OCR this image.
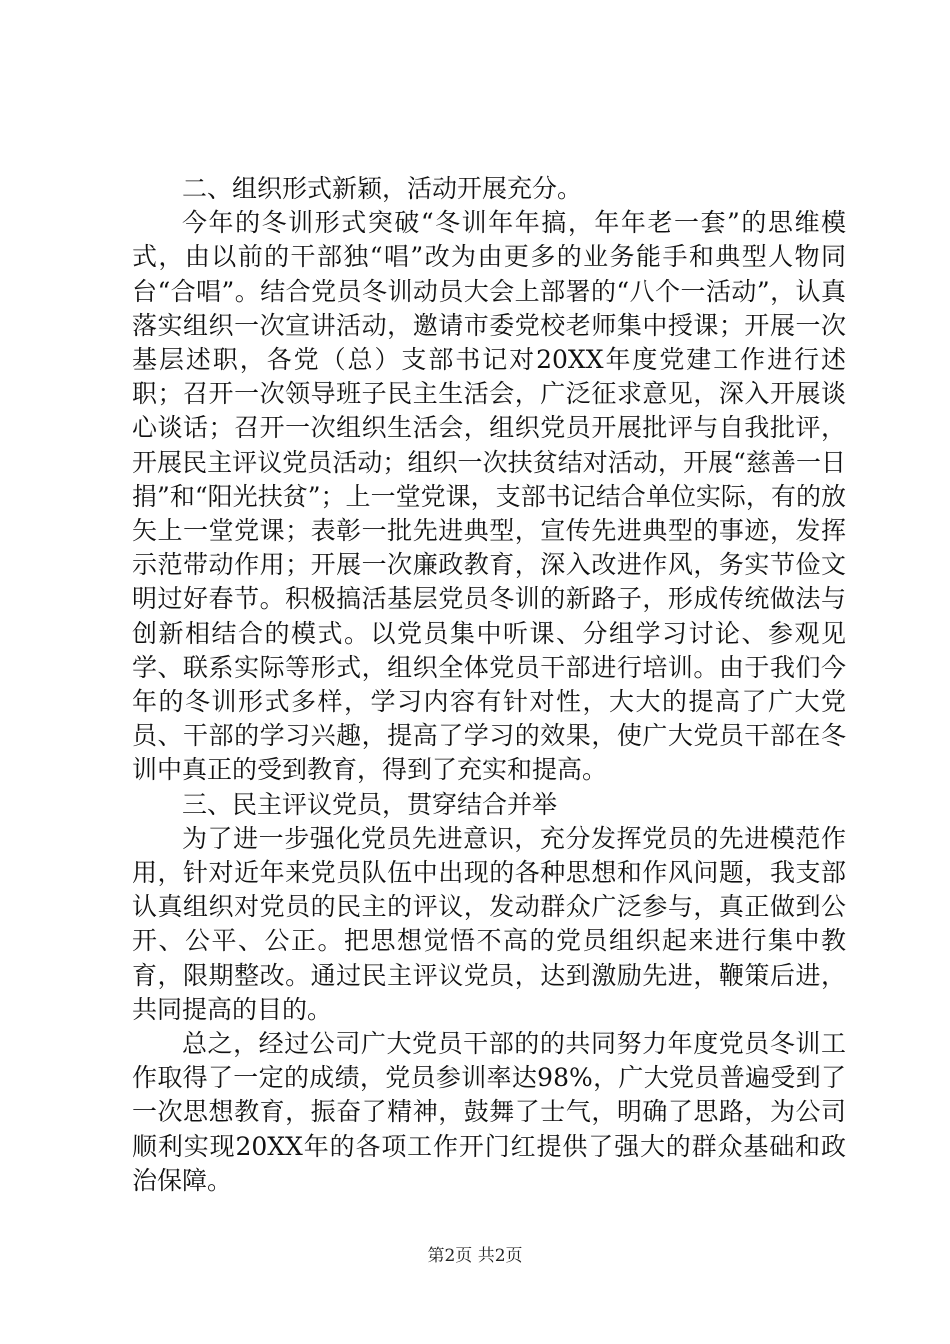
二、组织形式新颖，活动开展充分。

今年的冬训形式突破“冬训年年搞，年年老一套”的思维模式，由以前的干部独“唱”改为由更多的业务能手和典型人物同台“合唱”。结合党员冬训动员大会上部署的“八个一活动”，认真落实组织一次宣讲活动，邀请市委党校老师集中授课；开展一次基层述职，各党（总）支部书记对20XX年度党建工作进行述职；召开一次领导班子民主生活会，广泛征求意见，深入开展谈心谈话；召开一次组织生活会，组织党员开展批评与自我批评，开展民主评议党员活动；组织一次扶贫结对活动，开展“慈善一日捐”和“阳光扶贫”；上一堂党课，支部书记结合单位实际，有的放矢上一堂党课；表彰一批先进典型，宣传先进典型的事迹，发挥示范带动作用；开展一次廉政教育，深入改进作风，务实节俭文明过好春节。积极搞活基层党员冬训的新路子，形成传统做法与创新相结合的模式。以党员集中听课、分组学习讨论、参观见学、联系实际等形式，组织全体党员干部进行培训。由于我们今年的冬训形式多样，学习内容有针对性，大大的提高了广大党员、干部的学习兴趣，提高了学习的效果，使广大党员干部在冬训中真正的受到教育，得到了充实和提高。

三、民主评议党员，贯穿结合并举

为了进一步强化党员先进意识，充分发挥党员的先进模范作用，针对近年来党员队伍中出现的各种思想和作风问题，我支部认真组织对党员的民主的评议，发动群众广泛参与，真正做到公开、公平、公正。把思想觉悟不高的党员组织起来进行集中教育，限期整改。通过民主评议党员，达到激励先进，鞭策后进，共同提高的目的。

总之，经过公司广大党员干部的的共同努力年度党员冬训工作取得了一定的成绩，党员参训率达98%，广大党员普遍受到了一次思想教育，振奋了精神，鼓舞了士气，明确了思路，为公司顺利实现20XX年的各项工作开门红提供了强大的群众基础和政治保障。

第2页 共2页
